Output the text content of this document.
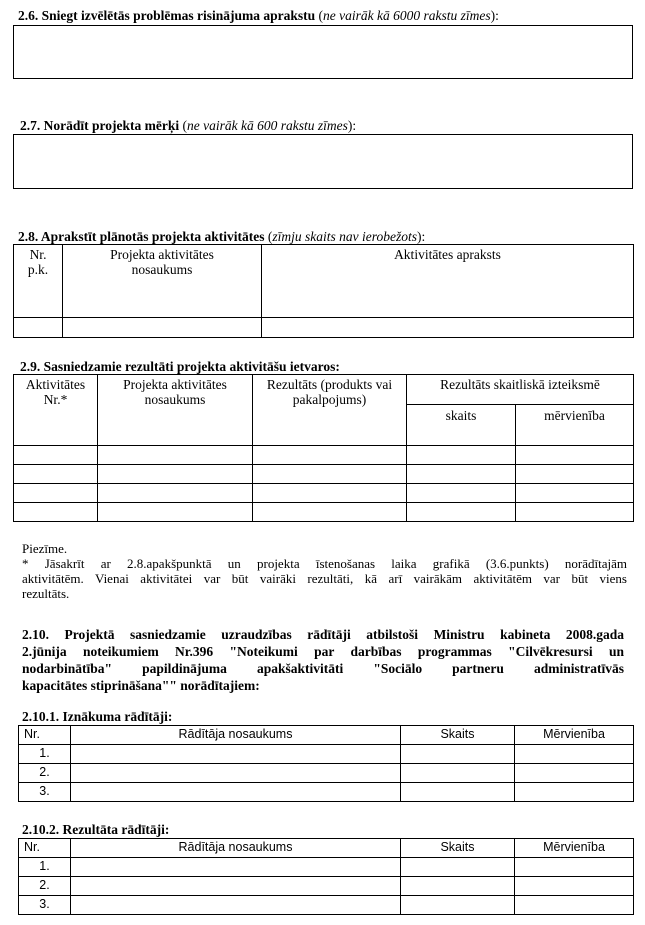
2.6. Sniegt izvēlētās problēmas risinājuma aprakstu (ne vairāk kā 6000 rakstu zīmes):
2.7. Norādīt projekta mērķi (ne vairāk kā 600 rakstu zīmes):
2.8. Aprakstīt plānotās projekta aktivitātes (zīmju skaits nav ierobežots):
Nr. p.k.	Projekta aktivitātes nosaukums	Aktivitātes apraksts

2.9. Sasniedzamie rezultāti projekta aktivitāšu ietvaros:
Aktivitātes Nr.*	Projekta aktivitātes nosaukums	Rezultāts (produkts vai pakalpojums)	Rezultāts skaitliskā izteiksmē	
			skaits	mērvienība

Piezīme.
* Jāsakrīt ar 2.8.apakšpunktā un projekta īstenošanas laika grafikā (3.6.punkts) norādītajām
aktivitātēm. Vienai aktivitātei var būt vairāki rezultāti, kā arī vairākām aktivitātēm var būt viens
rezultāts.
2.10. Projektā sasniedzamie uzraudzības rādītāji atbilstoši Ministru kabineta 2008.gada
2.jūnija noteikumiem Nr.396 "Noteikumi par darbības programmas "Cilvēkresursi un
nodarbinātība" papildinājuma apakšaktivitāti "Sociālo partneru administratīvās
kapacitātes stiprināšana"" norādītajiem:
2.10.1. Iznākuma rādītāji:
Nr.	Rādītāja nosaukums	Skaits	Mērvienība
1.			
2.			
3.			
2.10.2. Rezultāta rādītāji:
Nr.	Rādītāja nosaukums	Skaits	Mērvienība
1.			
2.			
3.			
